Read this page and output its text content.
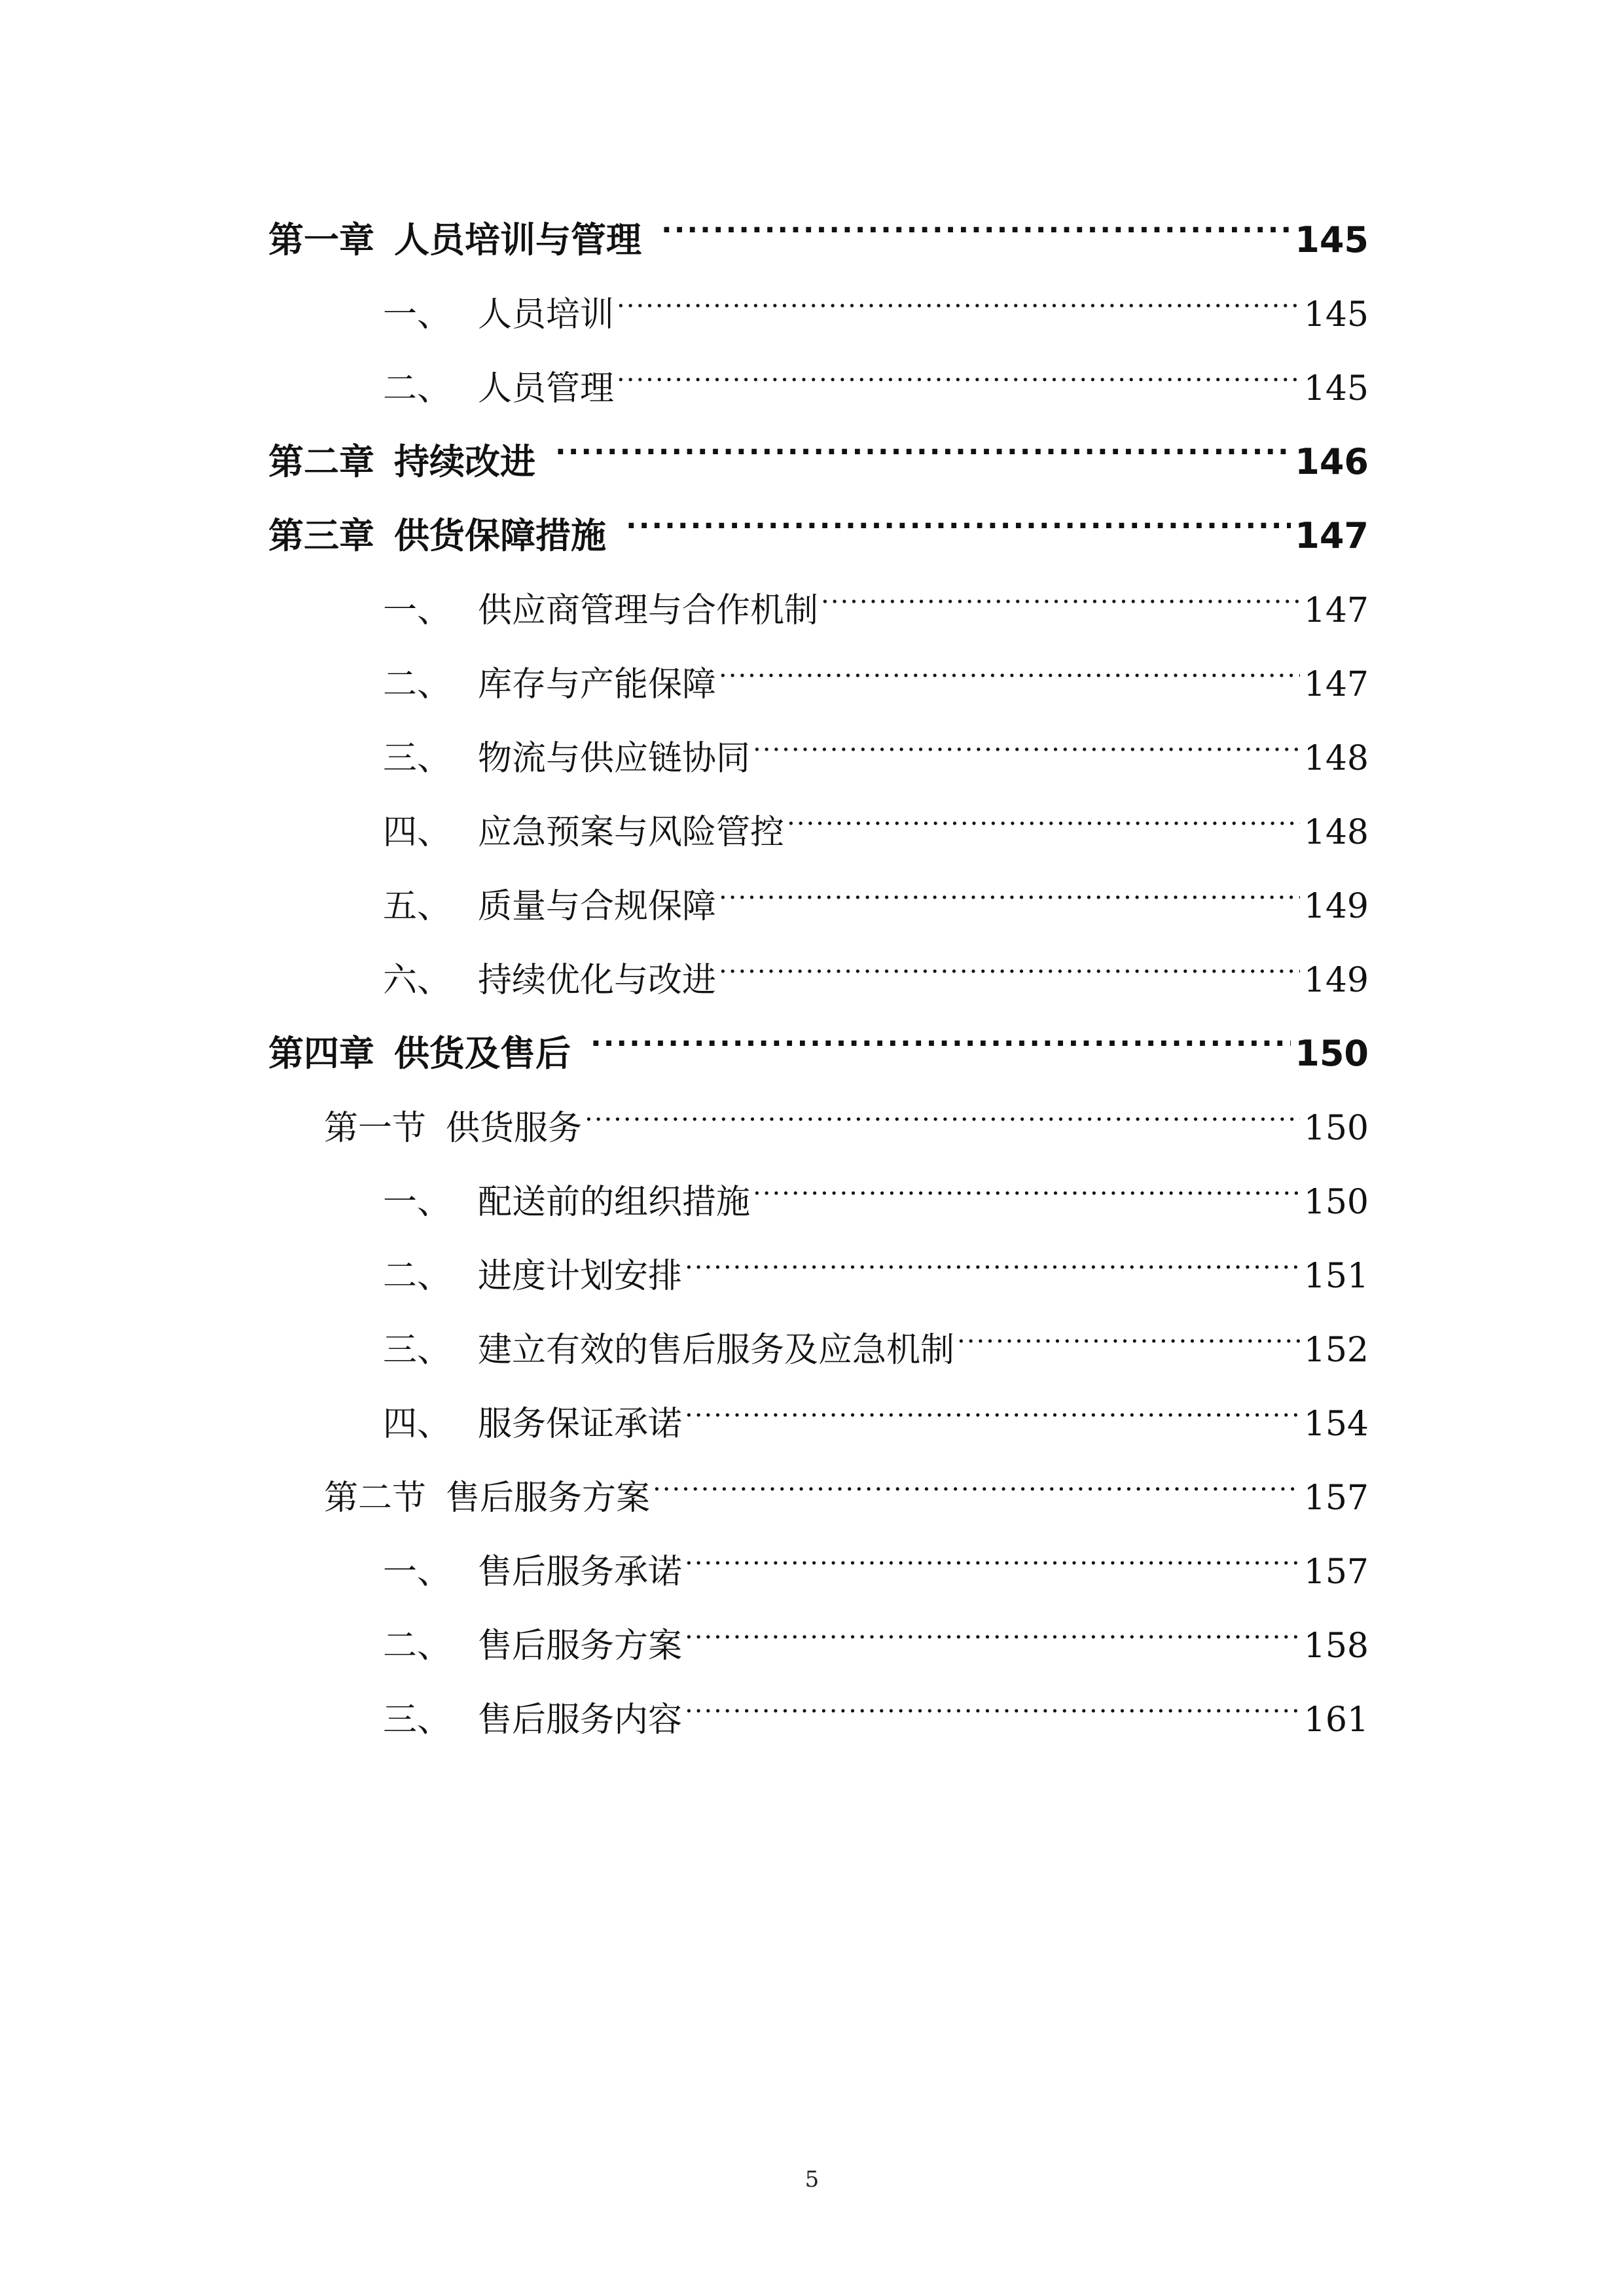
第一章 人员培训与管理 .....	145
一、 人员培训 .....	145
二、 人员管理 .....	145
第二章 持续改进 .....	146
第三章 供货保障措施 .....	147
一、 供应商管理与合作机制 .....	147
二、 库存与产能保障 .....	147
三、 物流与供应链协同 .....	148
四、 应急预案与风险管控 .....	148
五、 质量与合规保障 .....	149
六、 持续优化与改进 .....	149
第四章 供货及售后 .....	150
第一节 供货服务 .....	150
一、 配送前的组织措施 .....	150
二、 进度计划安排 .....	151
三、 建立有效的售后服务及应急机制 .....	152
四、 服务保证承诺 .....	154
第二节 售后服务方案 .....	157
一、 售后服务承诺 .....	157
二、 售后服务方案 .....	158
三、 售后服务内容 .....	161
5
